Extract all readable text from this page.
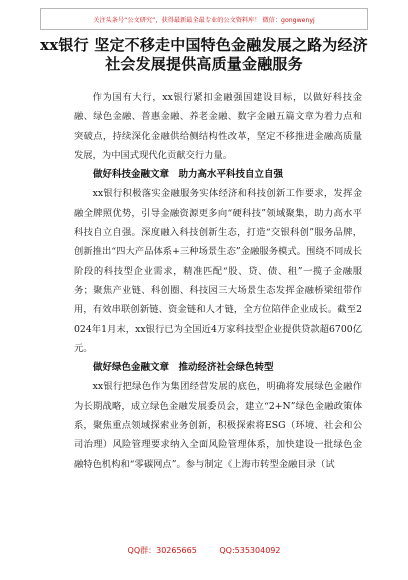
关注头条号“公文研究”，获得最新最全最专业的公文资料库！ 微信：gongwenyj
xx银行 坚定不移走中国特色金融发展之路为经济社会发展提供高质量金融服务

作为国有大行，xx银行紧扣金融强国建设目标，以做好科技金融、绿色金融、普惠金融、养老金融、数字金融五篇文章为着力点和突破点，持续深化金融供给侧结构性改革，坚定不移推进金融高质量发展，为中国式现代化贡献交行力量。

做好科技金融文章　助力高水平科技自立自强

xx银行积极落实金融服务实体经济和科技创新工作要求，发挥金融全牌照优势，引导金融资源更多向“硬科技”领域聚集，助力高水平科技自立自强。深度融入科技创新生态，打造“交银科创”服务品牌，创新推出“四大产品体系+三种场景生态”金融服务模式。围绕不同成长阶段的科技型企业需求，精准匹配“股、贷、债、租”一揽子金融服务；聚焦产业链、科创圈、科技园三大场景生态发挥金融桥梁纽带作用，有效串联创新链、资金链和人才链，全方位陪伴企业成长。截至2024年1月末，xx银行已为全国近4万家科技型企业提供贷款超6700亿元。

做好绿色金融文章　推动经济社会绿色转型

xx银行把绿色作为集团经营发展的底色，明确将发展绿色金融作为长期战略，成立绿色金融发展委员会，建立“2+N”绿色金融政策体系，聚焦重点领域探索业务创新，积极探索将ESG（环境、社会和公司治理）风险管理要求纳入全面风险管理体系，加快建设一批绿色金融特色机构和“零碳网点”。参与制定《上海市转型金融目录（试

QQ群：30265665	QQ:535304092
